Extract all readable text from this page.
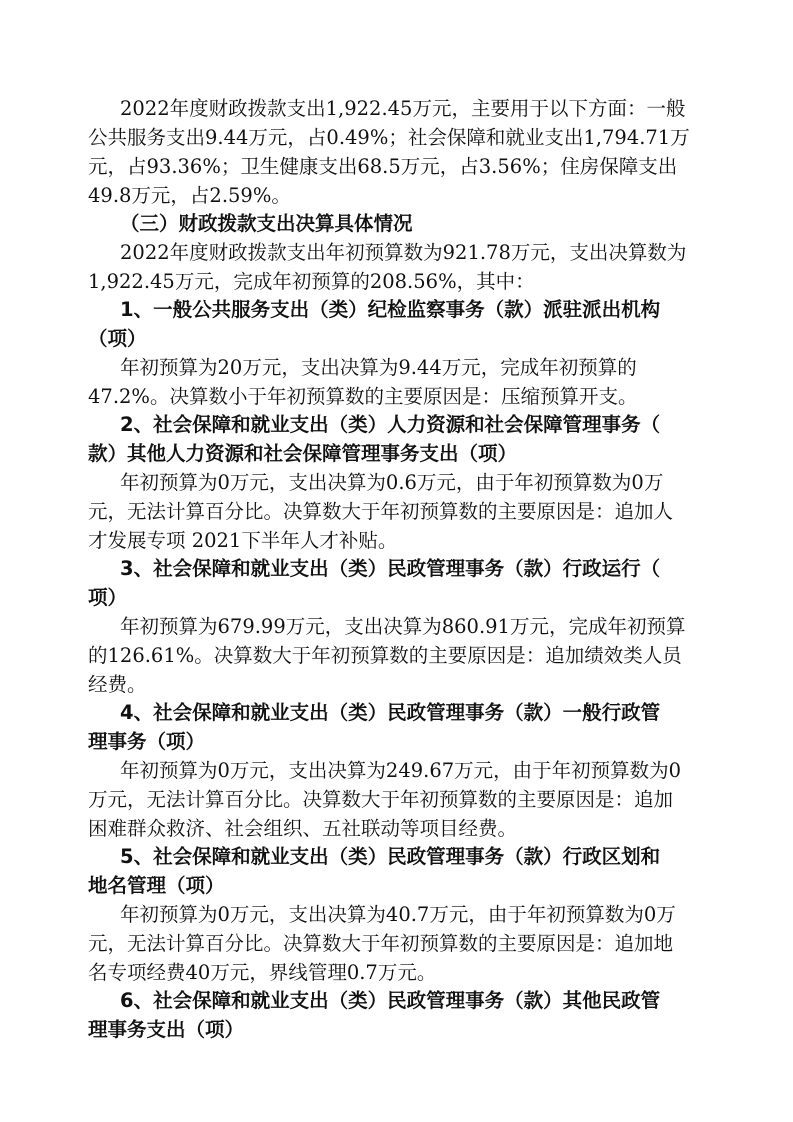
2022年度财政拨款支出1,922.45万元，主要用于以下方面：一般
公共服务支出9.44万元，占0.49%；社会保障和就业支出1,794.71万
元，占93.36%；卫生健康支出68.5万元，占3.56%；住房保障支出
49.8万元，占2.59%。
（三）财政拨款支出决算具体情况
2022年度财政拨款支出年初预算数为921.78万元，支出决算数为
1,922.45万元，完成年初预算的208.56%，其中：
1、一般公共服务支出（类）纪检监察事务（款）派驻派出机构
（项）
年初预算为20万元，支出决算为9.44万元，完成年初预算的
47.2%。决算数小于年初预算数的主要原因是：压缩预算开支。
2、社会保障和就业支出（类）人力资源和社会保障管理事务（
款）其他人力资源和社会保障管理事务支出（项）
年初预算为0万元，支出决算为0.6万元，由于年初预算数为0万
元，无法计算百分比。决算数大于年初预算数的主要原因是：追加人
才发展专项 2021下半年人才补贴。
3、社会保障和就业支出（类）民政管理事务（款）行政运行（
项）
年初预算为679.99万元，支出决算为860.91万元，完成年初预算
的126.61%。决算数大于年初预算数的主要原因是：追加绩效类人员
经费。
4、社会保障和就业支出（类）民政管理事务（款）一般行政管
理事务（项）
年初预算为0万元，支出决算为249.67万元，由于年初预算数为0
万元，无法计算百分比。决算数大于年初预算数的主要原因是：追加
困难群众救济、社会组织、五社联动等项目经费。
5、社会保障和就业支出（类）民政管理事务（款）行政区划和
地名管理（项）
年初预算为0万元，支出决算为40.7万元，由于年初预算数为0万
元，无法计算百分比。决算数大于年初预算数的主要原因是：追加地
名专项经费40万元，界线管理0.7万元。
6、社会保障和就业支出（类）民政管理事务（款）其他民政管
理事务支出（项）
